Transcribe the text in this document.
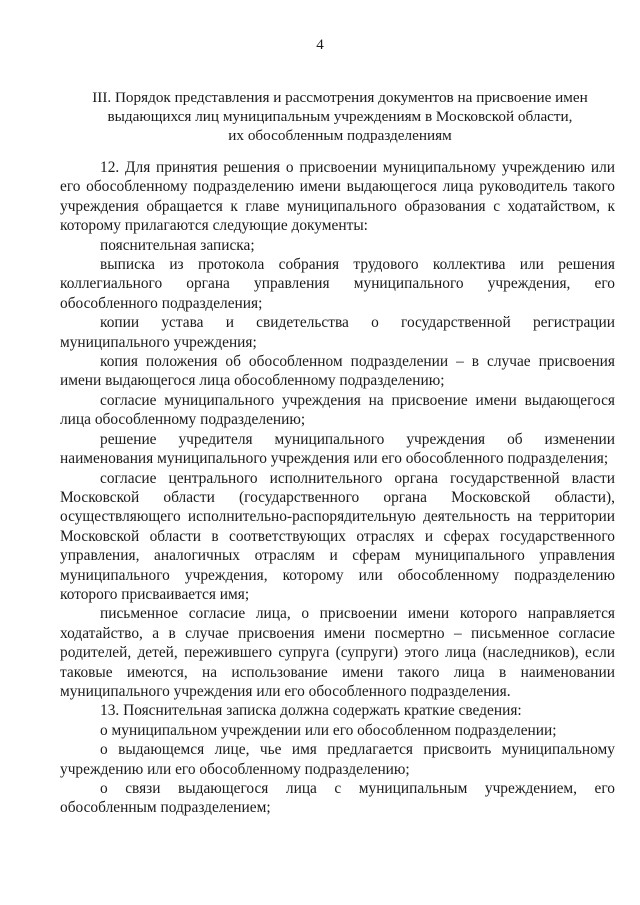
4
III. Порядок представления и рассмотрения документов на присвоение имен
выдающихся лиц муниципальным учреждениям в Московской области,
их обособленным подразделениям

12. Для принятия решения о присвоении муниципальному учреждению или его обособленному подразделению имени выдающегося лица руководитель такого учреждения обращается к главе муниципального образования с ходатайством, к которому прилагаются следующие документы:

пояснительная записка;

выписка из протокола собрания трудового коллектива или решения коллегиального органа управления муниципального учреждения, его обособленного подразделения;

копии устава и свидетельства о государственной регистрации муниципального учреждения;

копия положения об обособленном подразделении – в случае присвоения имени выдающегося лица обособленному подразделению;

согласие муниципального учреждения на присвоение имени выдающегося лица обособленному подразделению;

решение учредителя муниципального учреждения об изменении наименования муниципального учреждения или его обособленного подразделения;

согласие центрального исполнительного органа государственной власти Московской области (государственного органа Московской области), осуществляющего исполнительно-распорядительную деятельность на территории Московской области в соответствующих отраслях и сферах государственного управления, аналогичных отраслям и сферам муниципального управления муниципального учреждения, которому или обособленному подразделению которого присваивается имя;

письменное согласие лица, о присвоении имени которого направляется ходатайство, а в случае присвоения имени посмертно – письменное согласие родителей, детей, пережившего супруга (супруги) этого лица (наследников), если таковые имеются, на использование имени такого лица в наименовании муниципального учреждения или его обособленного подразделения.

13. Пояснительная записка должна содержать краткие сведения:

о муниципальном учреждении или его обособленном подразделении;

о выдающемся лице, чье имя предлагается присвоить муниципальному учреждению или его обособленному подразделению;

о связи выдающегося лица с муниципальным учреждением, его обособленным подразделением;
